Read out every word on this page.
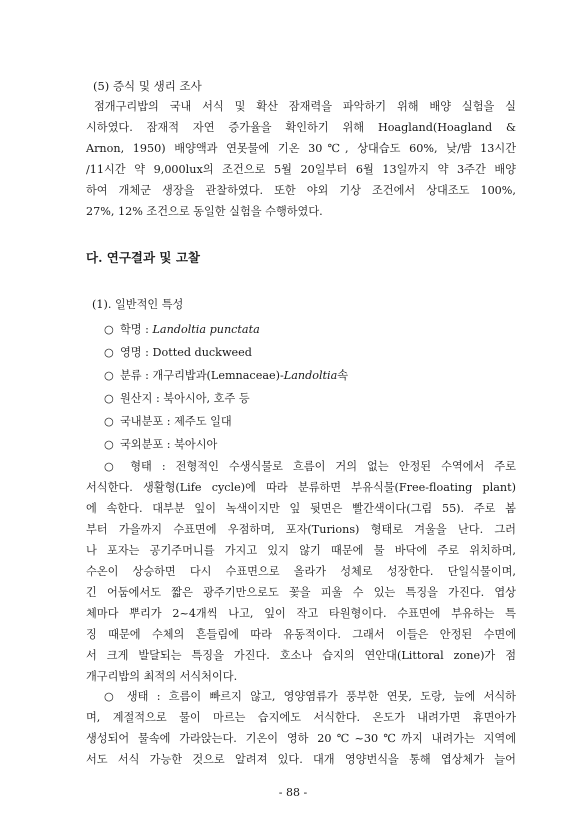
(5) 증식 및 생리 조사
점개구리밥의 국내 서식 및 확산 잠재력을 파악하기 위해 배양 실험을 실
시하였다. 잠재적 자연 증가율을 확인하기 위해 Hoagland(Hoagland &
Arnon, 1950) 배양액과 연못물에 기온 30℃, 상대습도 60%, 낮/밤 13시간
/11시간 약 9,000lux의 조건으로 5월 20일부터 6월 13일까지 약 3주간 배양
하여 개체군 생장을 관찰하였다. 또한 야외 기상 조건에서 상대조도 100%,
27%, 12% 조건으로 동일한 실험을 수행하였다.
다. 연구결과 및 고찰
(1). 일반적인 특성
○ 학명 : Landoltia punctata
○ 영명 : Dotted duckweed
○ 분류 : 개구리밥과(Lemnaceae)-Landoltia속
○ 원산지 : 북아시아, 호주 등
○ 국내분포 : 제주도 일대
○ 국외분포 : 북아시아
○ 형태 : 전형적인 수생식물로 흐름이 거의 없는 안정된 수역에서 주로
서식한다. 생활형(Life cycle)에 따라 분류하면 부유식물(Free-floating plant)
에 속한다. 대부분 잎이 녹색이지만 잎 뒷면은 빨간색이다(그림 55). 주로 봄
부터 가을까지 수표면에 우점하며, 포자(Turions) 형태로 겨울을 난다. 그러
나 포자는 공기주머니를 가지고 있지 않기 때문에 물 바닥에 주로 위치하며,
수온이 상승하면 다시 수표면으로 올라가 성체로 성장한다. 단일식물이며,
긴 어둠에서도 짧은 광주기만으로도 꽃을 피울 수 있는 특징을 가진다. 엽상
체마다 뿌리가 2~4개씩 나고, 잎이 작고 타원형이다. 수표면에 부유하는 특
징 때문에 수체의 흔들림에 따라 유동적이다. 그래서 이들은 안정된 수면에
서 크게 발달되는 특징을 가진다. 호소나 습지의 연안대(Littoral zone)가 점
개구리밥의 최적의 서식처이다.
○ 생태 : 흐름이 빠르지 않고, 영양염류가 풍부한 연못, 도랑, 늪에 서식하
며, 계절적으로 물이 마르는 습지에도 서식한다. 온도가 내려가면 휴면아가
생성되어 물속에 가라앉는다. 기온이 영하 20℃~30℃까지 내려가는 지역에
서도 서식 가능한 것으로 알려져 있다. 대개 영양번식을 통해 엽상체가 늘어
- 88 -
